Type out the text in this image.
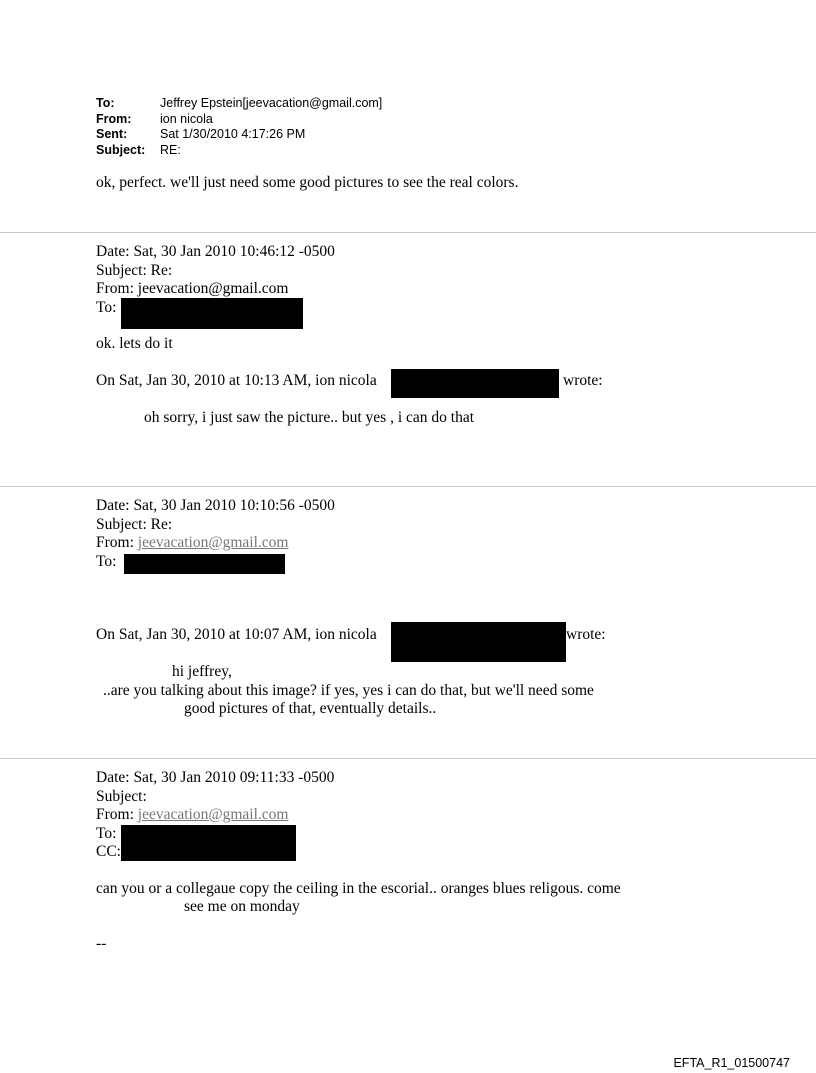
To:	Jeffrey Epstein[jeevacation@gmail.com]
From:	ion nicola
Sent:	Sat 1/30/2010 4:17:26 PM
Subject:	RE:
ok, perfect. we'll just need some good pictures to see the real colors.
Date: Sat, 30 Jan 2010 10:46:12 -0500
Subject: Re:
From: jeevacation@gmail.com
To:
ok. lets do it
On Sat, Jan 30, 2010 at 10:13 AM, ion nicola	wrote:
oh sorry, i just saw the picture.. but yes , i can do that
Date: Sat, 30 Jan 2010 10:10:56 -0500
Subject: Re:
From: jeevacation@gmail.com
To:
On Sat, Jan 30, 2010 at 10:07 AM, ion nicola	wrote:
hi jeffrey,
..are you talking about this image? if yes, yes i can do that, but we'll need some
good pictures of that, eventually details..
Date: Sat, 30 Jan 2010 09:11:33 -0500
Subject:
From: jeevacation@gmail.com
To:
CC:
can you or a collegaue copy the ceiling in the escorial.. oranges blues religous. come
see me on monday
--
EFTA_R1_01500747
